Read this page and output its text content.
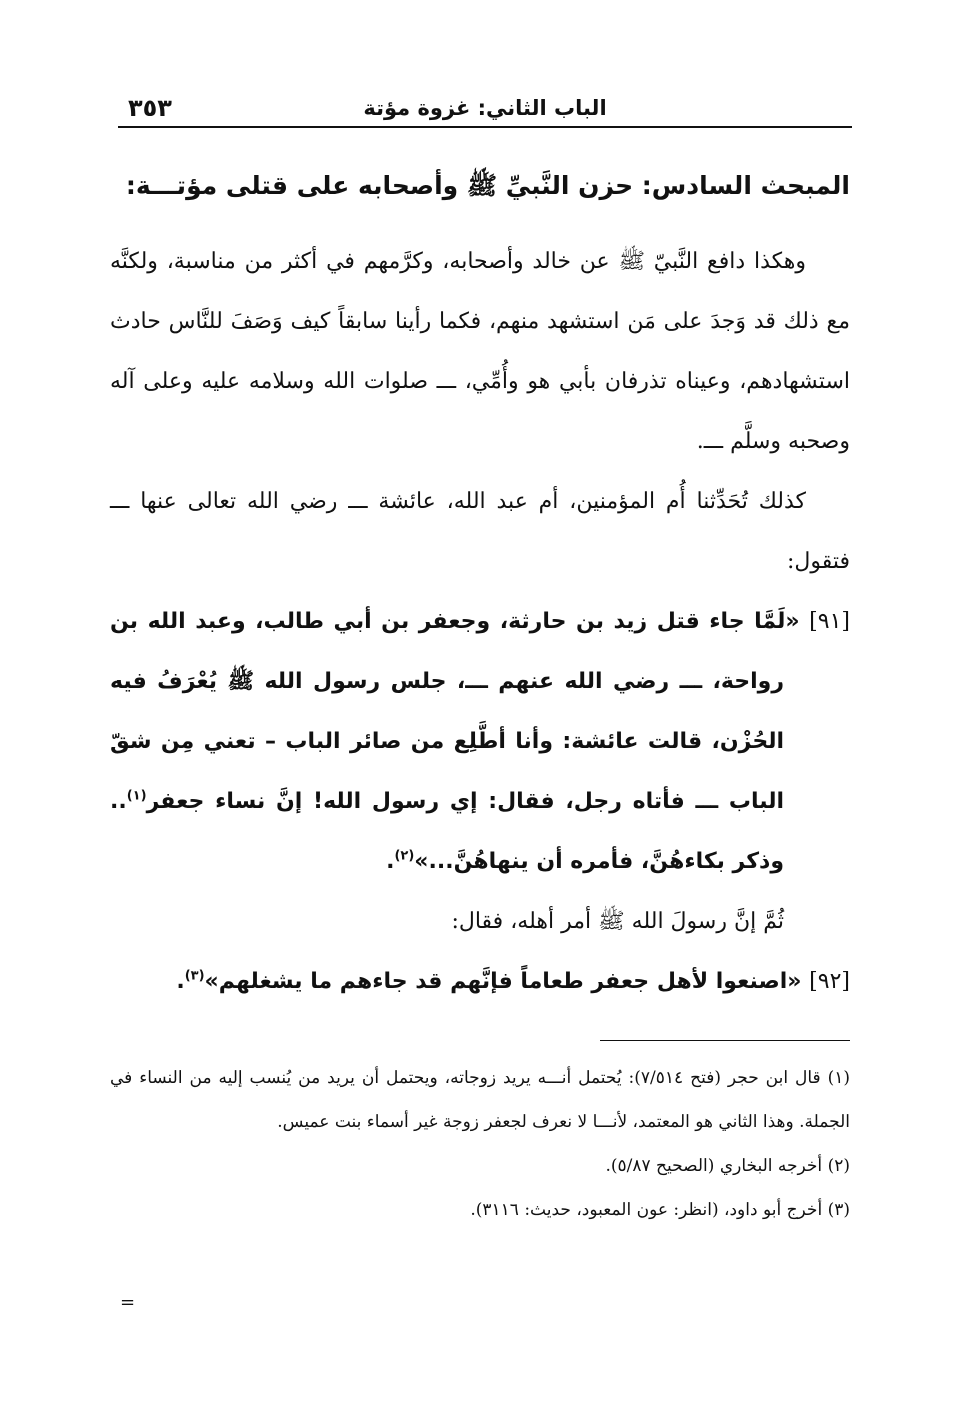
الباب الثاني: غزوة مؤتة
٣٥٣
المبحث السادس: حزن النَّبيِّ ﷺ وأصحابه على قتلى مؤتـــة:

وهكذا دافع النَّبيّ ﷺ عن خالد وأصحابه، وكرَّمهم في أكثر من مناسبة، ولكنَّه مع ذلك قد وَجدَ على مَن استشهد منهم، فكما رأينا سابقاً كيف وَصَفَ للنَّاس حادث استشهادهم، وعيناه تذرفان بأبي هو وأُمِّي، ـــ صلوات الله وسلامه عليه وعلى آله وصحبه وسلَّم ـــ.

كذلك تُحَدِّثنا أُم المؤمنين، أم عبد الله، عائشة ـــ رضي الله تعالى عنها ـــ فتقول:

[٩١] «لَمَّا جاء قتل زيد بن حارثة، وجعفر بن أبي طالب، وعبد الله بن رواحة، ـــ رضي الله عنهم ـــ، جلس رسول الله ﷺ يُعْرَفُ فيه الحُزْن، قالت عائشة: وأنا أطَّلِع من صائر الباب – تعني مِن شقّ الباب ـــ فأتاه رجل، فقال: إي رسول الله! إنَّ نساء جعفر$^{(١)}$.. وذكر بكاءهُنَّ، فأمره أن ينهاهُنَّ...»$^{(٢)}$.

ثُمَّ إنَّ رسولَ الله ﷺ أمر أهله، فقال:

[٩٢] «اصنعوا لأهل جعفر طعاماً فإنَّهم قد جاءهم ما يشغلهم»$^{(٣)}$.

(١) قال ابن حجر (فتح ٧/٥١٤): يُحتمل أنـــه يريد زوجاته، ويحتمل أن يريد من يُنسب إليه من النساء في الجملة. وهذا الثاني هو المعتمد، لأنـــا لا نعرف لجعفر زوجة غير أسماء بنت عميس.

(٢) أخرجه البخاري (الصحيح ٥/٨٧).

(٣) أخرج أبو داود، (انظر: عون المعبود، حديث: ٣١١٦).

=
